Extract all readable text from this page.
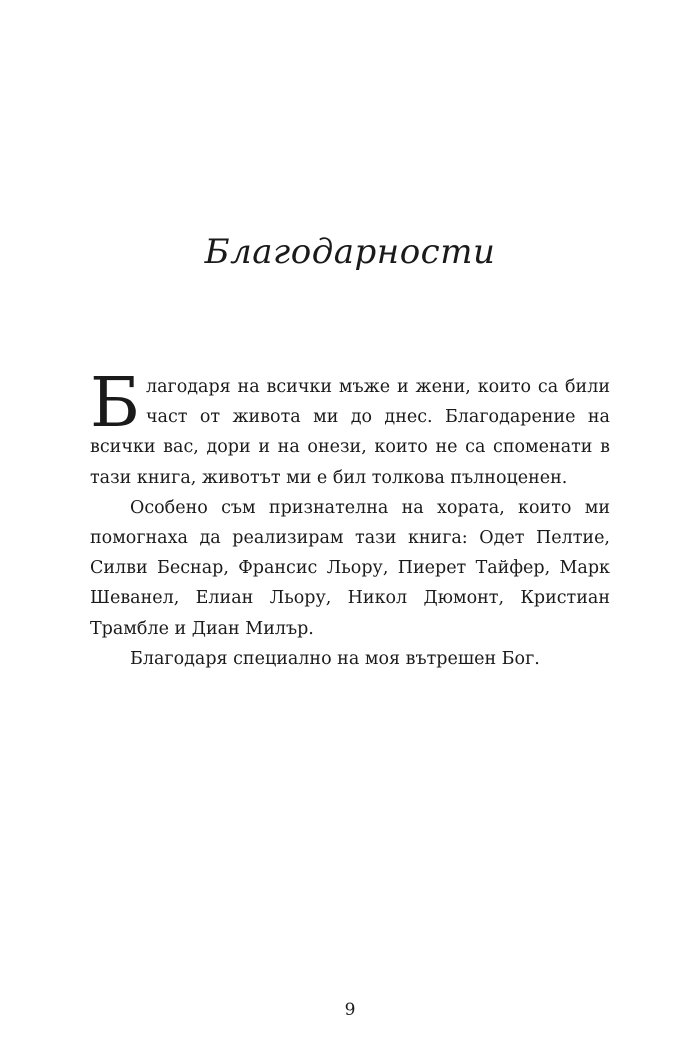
Благодарности

Благодаря на всички мъже и жени, които са били част от живота ми до днес. Благодарение на всички вас, дори и на онези, които не са споменати в тази книга, животът ми е бил толкова пълноценен.

Особено съм признателна на хората, които ми помогнаха да реализирам тази книга: Одет Пелтие, Силви Беснар, Франсис Льору, Пиерет Тайфер, Марк Шеванел, Елиан Льору, Никол Дюмонт, Кристиан Трамбле и Диан Милър.

Благодаря специално на моя вътрешен Бог.

9
